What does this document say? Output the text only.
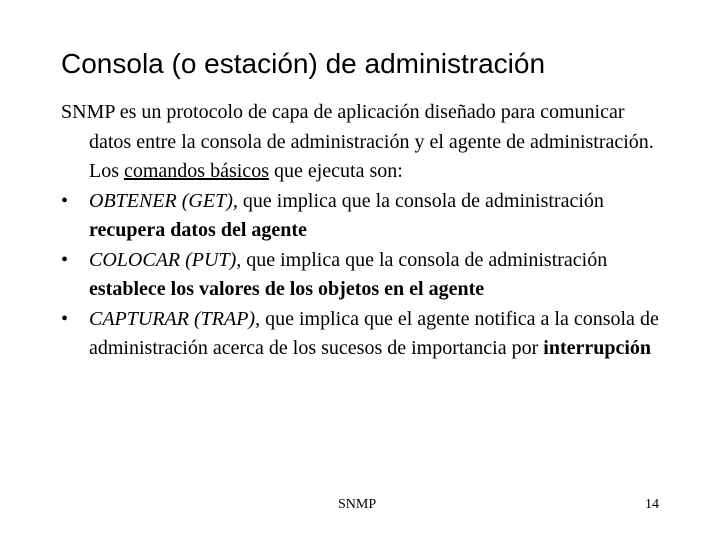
Consola (o estación) de administración

SNMP es un protocolo de capa de aplicación diseñado para comunicar datos entre la consola de administración y el agente de administración. Los comandos básicos que ejecuta son:

•	OBTENER (GET), que implica que la consola de administración recupera datos del agente
•	COLOCAR (PUT), que implica que la consola de administración establece los valores de los objetos en el agente
•	CAPTURAR (TRAP), que implica que el agente notifica a la consola de administración acerca de los sucesos de importancia por interrupción
SNMP	14
